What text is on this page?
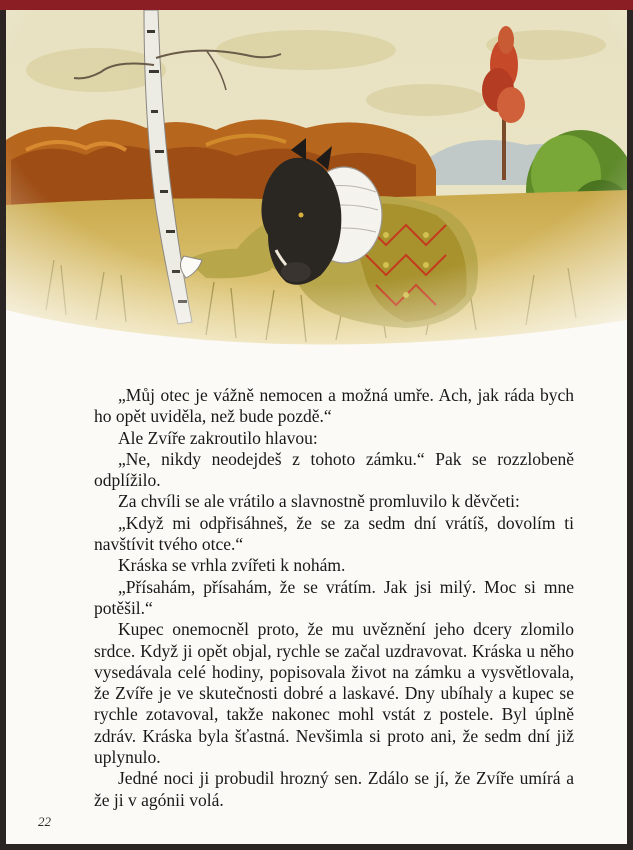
„Můj otec je vážně nemocen a možná umře. Ach, jak ráda bych ho opět uviděla, než bude pozdě.“

Ale Zvíře zakroutilo hlavou:

„Ne, nikdy neodejdeš z tohoto zámku.“ Pak se rozzlobeně odplížilo.

Za chvíli se ale vrátilo a slavnostně promluvilo k děvčeti:

„Když mi odpřisáhneš, že se za sedm dní vrátíš, dovolím ti navštívit tvého otce.“

Kráska se vrhla zvířeti k nohám.

„Přísahám, přísahám, že se vrátím. Jak jsi milý. Moc si mne potěšil.“

Kupec onemocněl proto, že mu uvěznění jeho dcery zlomilo srdce. Když ji opět objal, rychle se začal uzdravovat. Kráska u něho vysedávala celé hodiny, popisovala život na zámku a vysvětlovala, že Zvíře je ve skutečnosti dobré a laskavé. Dny ubíhaly a kupec se rychle zotavoval, takže nakonec mohl vstát z postele. Byl úplně zdráv. Kráska byla šťastná. Nevšimla si proto ani, že sedm dní již uplynulo.

Jedné noci ji probudil hrozný sen. Zdálo se jí, že Zvíře umírá a že ji v agónii volá.

22
